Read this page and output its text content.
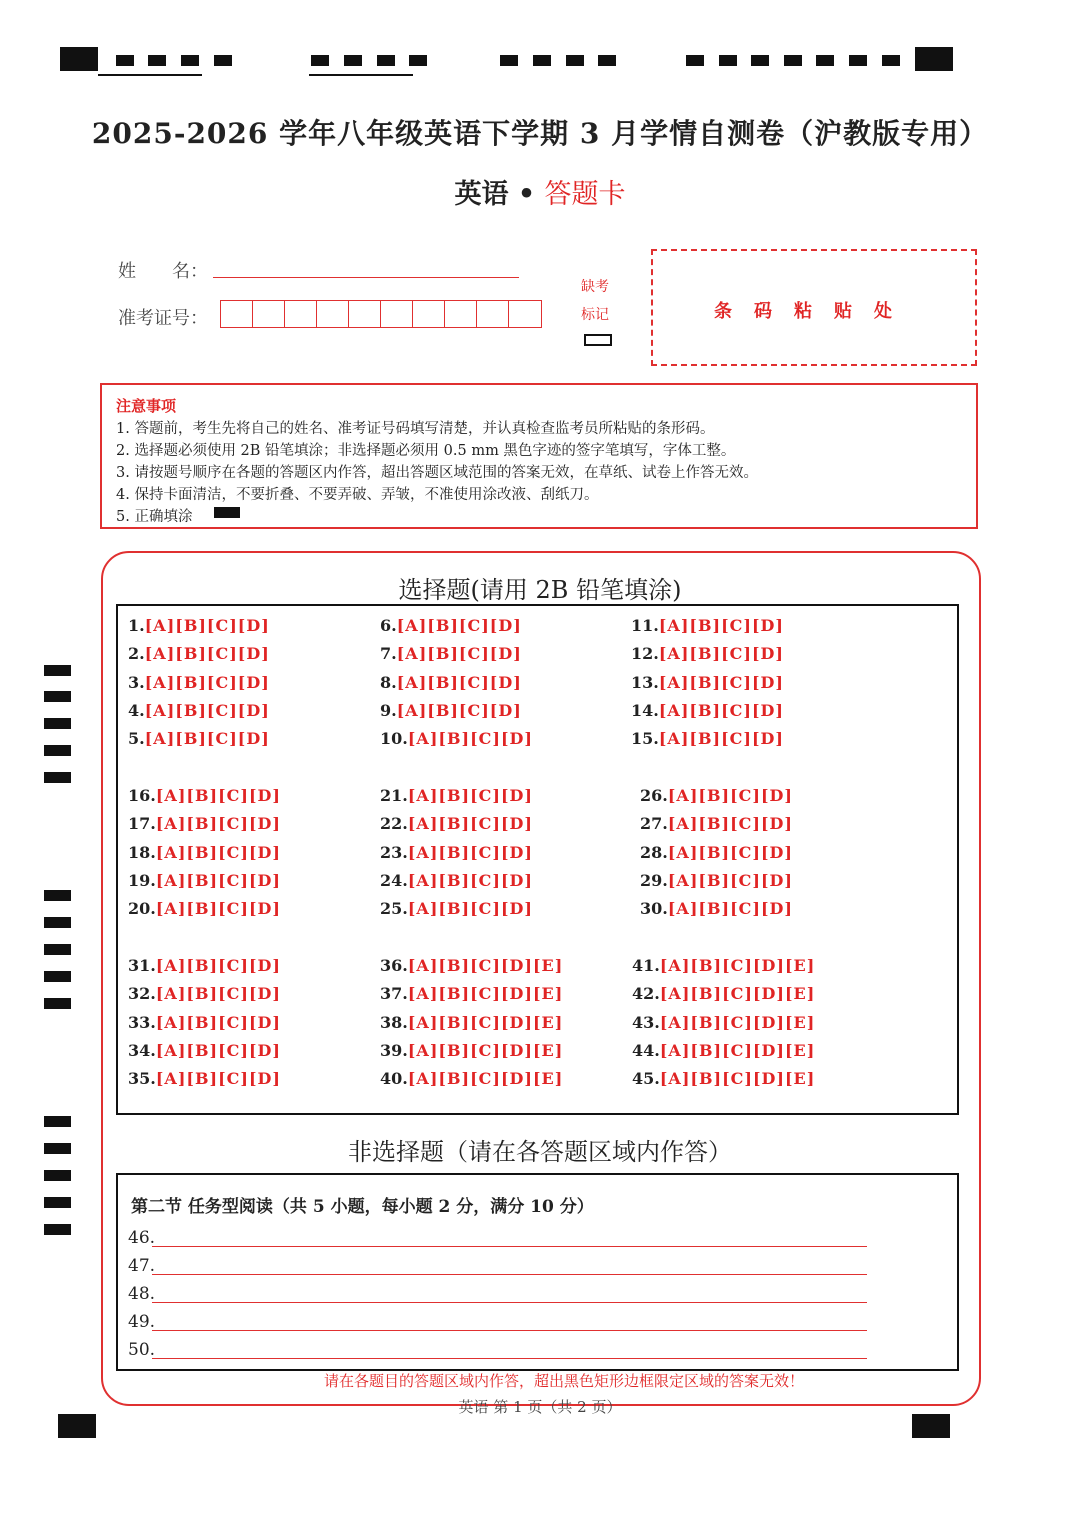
2025-2026 学年八年级英语下学期 3 月学情自测卷（沪教版专用）
英语 • 答题卡
姓　　名：
准考证号：
缺考
标记	条码粘贴处
注意事项
1. 答题前，考生先将自己的姓名、准考证号码填写清楚，并认真检查监考员所粘贴的条形码。
2. 选择题必须使用 2B 铅笔填涂；非选择题必须用 0.5 mm 黑色字迹的签字笔填写，字体工整。
3. 请按题号顺序在各题的答题区内作答，超出答题区域范围的答案无效，在草纸、试卷上作答无效。
4. 保持卡面清洁，不要折叠、不要弄破、弄皱，不准使用涂改液、刮纸刀。
5. 正确填涂
选择题(请用 2B 铅笔填涂)
1.[A][B][C][D]
2.[A][B][C][D]
3.[A][B][C][D]
4.[A][B][C][D]
5.[A][B][C][D]
6.[A][B][C][D]
7.[A][B][C][D]
8.[A][B][C][D]
9.[A][B][C][D]
10.[A][B][C][D]
11.[A][B][C][D]
12.[A][B][C][D]
13.[A][B][C][D]
14.[A][B][C][D]
15.[A][B][C][D]
16.[A][B][C][D]
17.[A][B][C][D]
18.[A][B][C][D]
19.[A][B][C][D]
20.[A][B][C][D]
21.[A][B][C][D]
22.[A][B][C][D]
23.[A][B][C][D]
24.[A][B][C][D]
25.[A][B][C][D]
26.[A][B][C][D]
27.[A][B][C][D]
28.[A][B][C][D]
29.[A][B][C][D]
30.[A][B][C][D]
31.[A][B][C][D]
32.[A][B][C][D]
33.[A][B][C][D]
34.[A][B][C][D]
35.[A][B][C][D]
36.[A][B][C][D][E]
37.[A][B][C][D][E]
38.[A][B][C][D][E]
39.[A][B][C][D][E]
40.[A][B][C][D][E]
41.[A][B][C][D][E]
42.[A][B][C][D][E]
43.[A][B][C][D][E]
44.[A][B][C][D][E]
45.[A][B][C][D][E]
非选择题（请在各答题区域内作答）
第二节 任务型阅读（共 5 小题，每小题 2 分，满分 10 分）
46.
47.
48.
49.
50.
请在各题目的答题区域内作答，超出黑色矩形边框限定区域的答案无效！
英语 第 1 页（共 2 页）
